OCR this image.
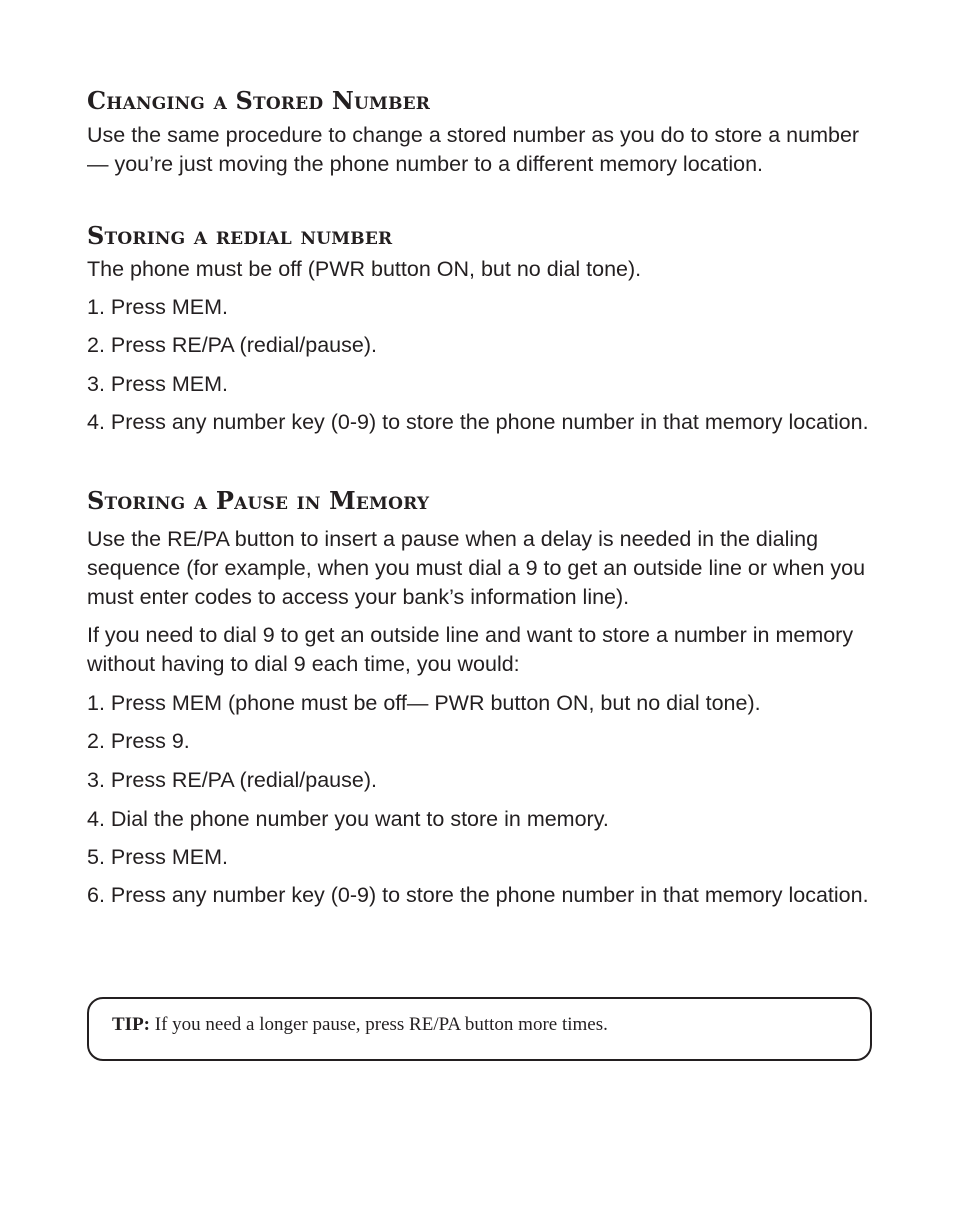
Changing a Stored Number

Use the same procedure to change a stored number as you do to store a number— you’re just moving the phone number to a different memory location.

Storing a redial number

The phone must be off (PWR button ON, but no dial tone).

1. Press MEM.

2. Press RE/PA (redial/pause).

3. Press MEM.

4. Press any number key (0-9) to store the phone number in that memory location.

Storing a Pause in Memory

Use the RE/PA button to insert a pause when a delay is needed in the dialing sequence (for example, when you must dial a 9 to get an outside line or when you must enter codes to access your bank’s information line).

If you need to dial 9 to get an outside line and want to store a number in memory without having to dial 9 each time, you would:

1. Press MEM (phone must be off— PWR button ON, but no dial tone).

2. Press 9.

3. Press RE/PA (redial/pause).

4. Dial the phone number you want to store in memory.

5. Press MEM.

6. Press any number key (0-9) to store the phone number in that memory location.

TIP: If you need a longer pause, press RE/PA button more times.
